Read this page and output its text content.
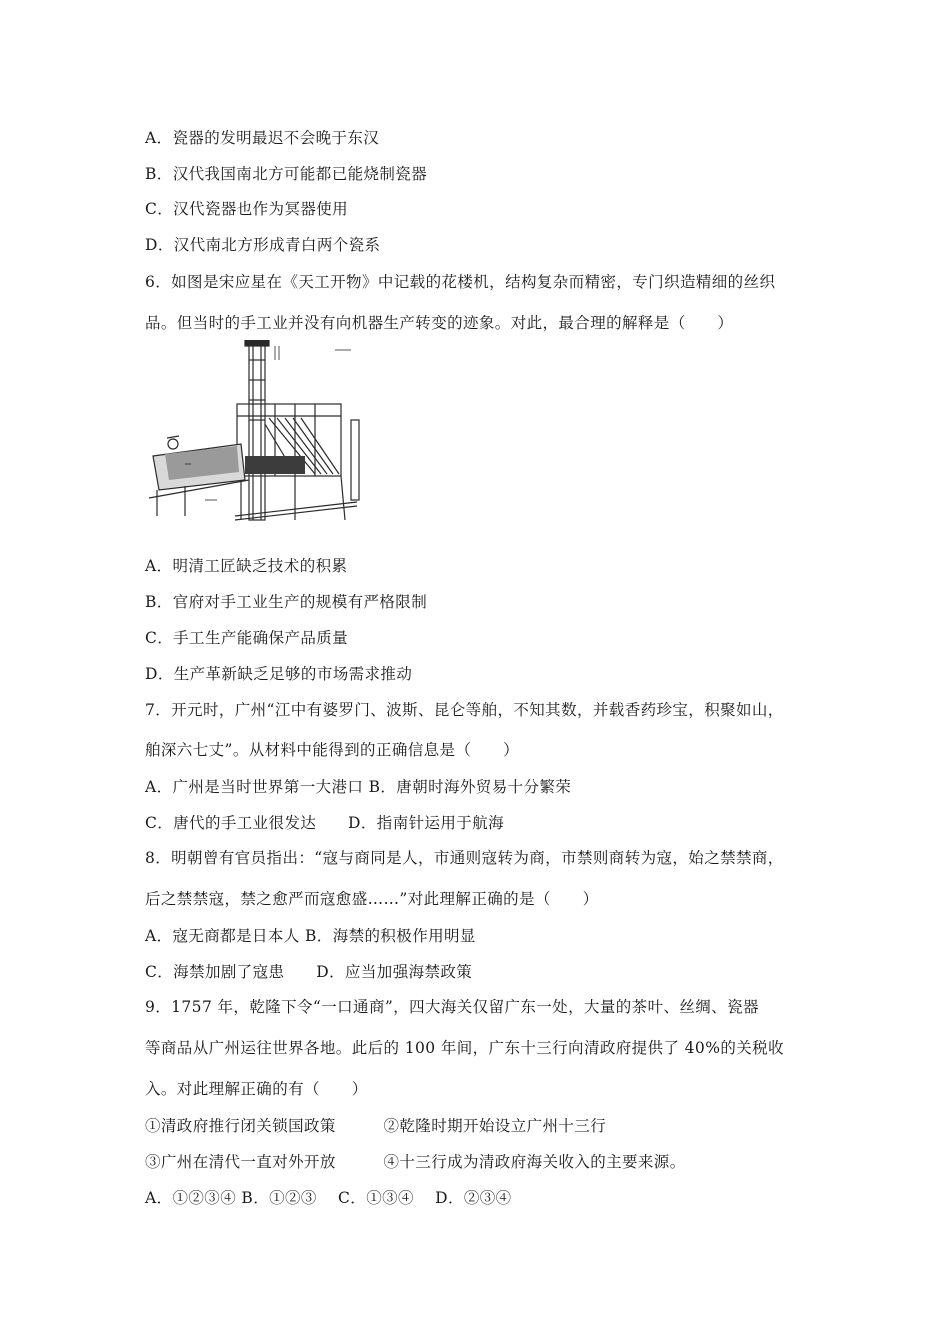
A．瓷器的发明最迟不会晚于东汉
B．汉代我国南北方可能都已能烧制瓷器
C．汉代瓷器也作为冥器使用
D．汉代南北方形成青白两个瓷系
6．如图是宋应星在《天工开物》中记载的花楼机，结构复杂而精密，专门织造精细的丝织
品。但当时的手工业并没有向机器生产转变的迹象。对此，最合理的解释是（　　）
A．明清工匠缺乏技术的积累
B．官府对手工业生产的规模有严格限制
C．手工生产能确保产品质量
D．生产革新缺乏足够的市场需求推动
7．开元时，广州“江中有婆罗门、波斯、昆仑等舶，不知其数，并载香药珍宝，积聚如山，
舶深六七丈”。从材料中能得到的正确信息是（　　）
A．广州是当时世界第一大港口 B．唐朝时海外贸易十分繁荣
C．唐代的手工业很发达　　D．指南针运用于航海
8．明朝曾有官员指出：“寇与商同是人，市通则寇转为商，市禁则商转为寇，始之禁禁商，
后之禁禁寇，禁之愈严而寇愈盛……”对此理解正确的是（　　）
A．寇无商都是日本人 B．海禁的积极作用明显
C．海禁加剧了寇患　　D．应当加强海禁政策
9．1757 年，乾隆下令“一口通商”，四大海关仅留广东一处，大量的茶叶、丝绸、瓷器
等商品从广州运往世界各地。此后的 100 年间，广东十三行向清政府提供了 40%的关税收
入。对此理解正确的有（　　）
①清政府推行闭关锁国政策　　　②乾隆时期开始设立广州十三行
③广州在清代一直对外开放　　　④十三行成为清政府海关收入的主要来源。
A．①②③④ B．①②③　 C．①③④　 D．②③④
